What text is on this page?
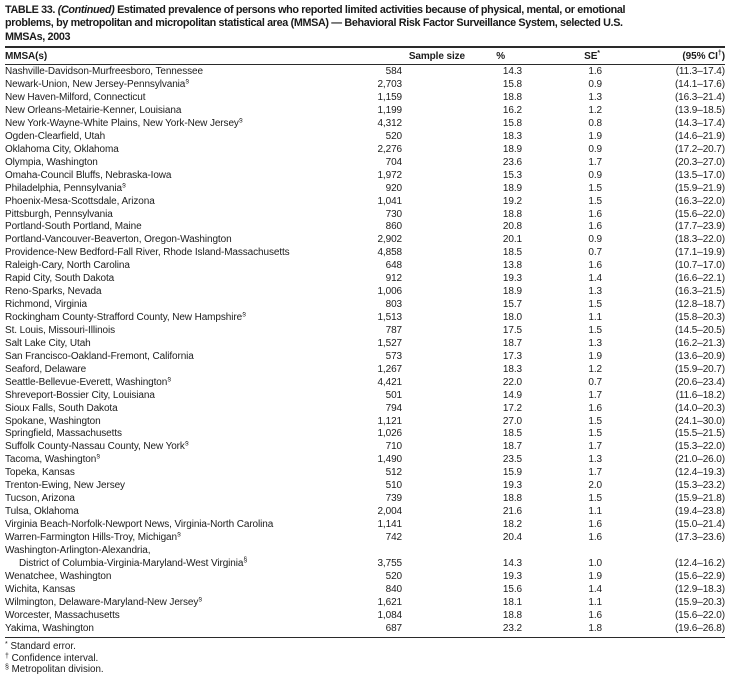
TABLE 33. (Continued) Estimated prevalence of persons who reported limited activities because of physical, mental, or emotional
problems, by metropolitan and micropolitan statistical area (MMSA) — Behavioral Risk Factor Surveillance System, selected U.S.
MMSAs, 2003
MMSA(s)	Sample size	%	SE*	(95% CI†)
Nashville-Davidson-Murfreesboro, Tennessee	584	14.3	1.6	(11.3–17.4)
Newark-Union, New Jersey-Pennsylvania§	2,703	15.8	0.9	(14.1–17.6)
New Haven-Milford, Connecticut	1,159	18.8	1.3	(16.3–21.4)
New Orleans-Metairie-Kenner, Louisiana	1,199	16.2	1.2	(13.9–18.5)
New York-Wayne-White Plains, New York-New Jersey§	4,312	15.8	0.8	(14.3–17.4)
Ogden-Clearfield, Utah	520	18.3	1.9	(14.6–21.9)
Oklahoma City, Oklahoma	2,276	18.9	0.9	(17.2–20.7)
Olympia, Washington	704	23.6	1.7	(20.3–27.0)
Omaha-Council Bluffs, Nebraska-Iowa	1,972	15.3	0.9	(13.5–17.0)
Philadelphia, Pennsylvania§	920	18.9	1.5	(15.9–21.9)
Phoenix-Mesa-Scottsdale, Arizona	1,041	19.2	1.5	(16.3–22.0)
Pittsburgh, Pennsylvania	730	18.8	1.6	(15.6–22.0)
Portland-South Portland, Maine	860	20.8	1.6	(17.7–23.9)
Portland-Vancouver-Beaverton, Oregon-Washington	2,902	20.1	0.9	(18.3–22.0)
Providence-New Bedford-Fall River, Rhode Island-Massachusetts	4,858	18.5	0.7	(17.1–19.9)
Raleigh-Cary, North Carolina	648	13.8	1.6	(10.7–17.0)
Rapid City, South Dakota	912	19.3	1.4	(16.6–22.1)
Reno-Sparks, Nevada	1,006	18.9	1.3	(16.3–21.5)
Richmond, Virginia	803	15.7	1.5	(12.8–18.7)
Rockingham County-Strafford County, New Hampshire§	1,513	18.0	1.1	(15.8–20.3)
St. Louis, Missouri-Illinois	787	17.5	1.5	(14.5–20.5)
Salt Lake City, Utah	1,527	18.7	1.3	(16.2–21.3)
San Francisco-Oakland-Fremont, California	573	17.3	1.9	(13.6–20.9)
Seaford, Delaware	1,267	18.3	1.2	(15.9–20.7)
Seattle-Bellevue-Everett, Washington§	4,421	22.0	0.7	(20.6–23.4)
Shreveport-Bossier City, Louisiana	501	14.9	1.7	(11.6–18.2)
Sioux Falls, South Dakota	794	17.2	1.6	(14.0–20.3)
Spokane, Washington	1,121	27.0	1.5	(24.1–30.0)
Springfield, Massachusetts	1,026	18.5	1.5	(15.5–21.5)
Suffolk County-Nassau County, New York§	710	18.7	1.7	(15.3–22.0)
Tacoma, Washington§	1,490	23.5	1.3	(21.0–26.0)
Topeka, Kansas	512	15.9	1.7	(12.4–19.3)
Trenton-Ewing, New Jersey	510	19.3	2.0	(15.3–23.2)
Tucson, Arizona	739	18.8	1.5	(15.9–21.8)
Tulsa, Oklahoma	2,004	21.6	1.1	(19.4–23.8)
Virginia Beach-Norfolk-Newport News, Virginia-North Carolina	1,141	18.2	1.6	(15.0–21.4)
Warren-Farmington Hills-Troy, Michigan§	742	20.4	1.6	(17.3–23.6)
Washington-Arlington-Alexandria,
District of Columbia-Virginia-Maryland-West Virginia§	3,755	14.3	1.0	(12.4–16.2)
Wenatchee, Washington	520	19.3	1.9	(15.6–22.9)
Wichita, Kansas	840	15.6	1.4	(12.9–18.3)
Wilmington, Delaware-Maryland-New Jersey§	1,621	18.1	1.1	(15.9–20.3)
Worcester, Massachusetts	1,084	18.8	1.6	(15.6–22.0)
Yakima, Washington	687	23.2	1.8	(19.6–26.8)
* Standard error.
† Confidence interval.
§ Metropolitan division.
